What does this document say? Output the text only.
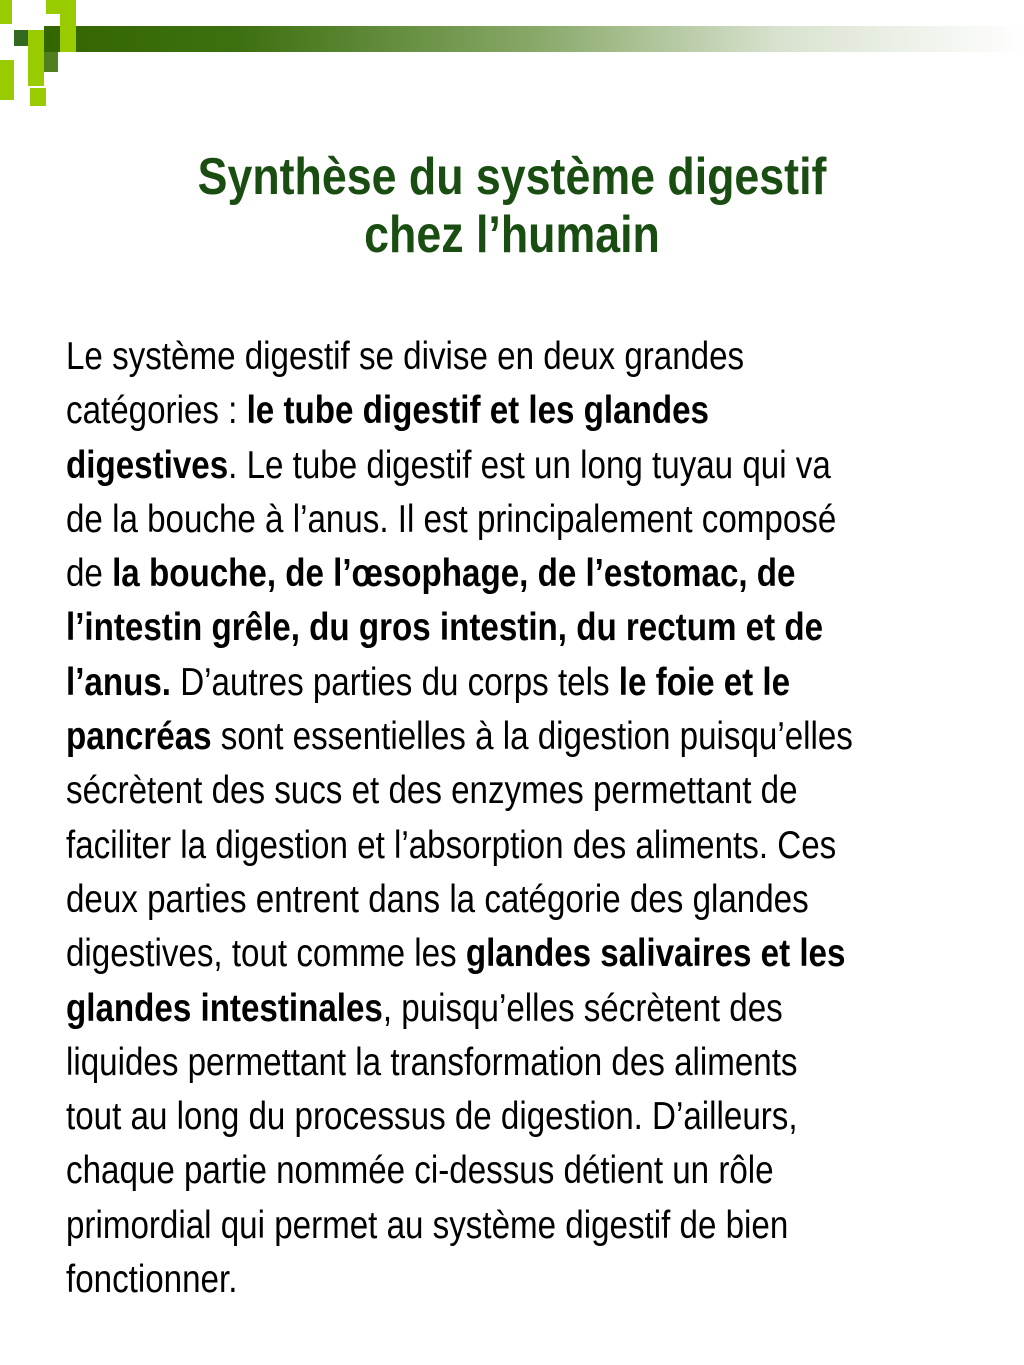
Synthèse du système digestif
chez l’humain

Le système digestif se divise en deux grandes
catégories : le tube digestif et les glandes
digestives. Le tube digestif est un long tuyau qui va
de la bouche à l’anus. Il est principalement composé
de la bouche, de l’œsophage, de l’estomac, de
l’intestin grêle, du gros intestin, du rectum et de
l’anus. D’autres parties du corps tels le foie et le
pancréas sont essentielles à la digestion puisqu’elles
sécrètent des sucs et des enzymes permettant de
faciliter la digestion et l’absorption des aliments. Ces
deux parties entrent dans la catégorie des glandes
digestives, tout comme les glandes salivaires et les
glandes intestinales, puisqu’elles sécrètent des
liquides permettant la transformation des aliments
tout au long du processus de digestion. D’ailleurs,
chaque partie nommée ci-dessus détient un rôle
primordial qui permet au système digestif de bien
fonctionner.
